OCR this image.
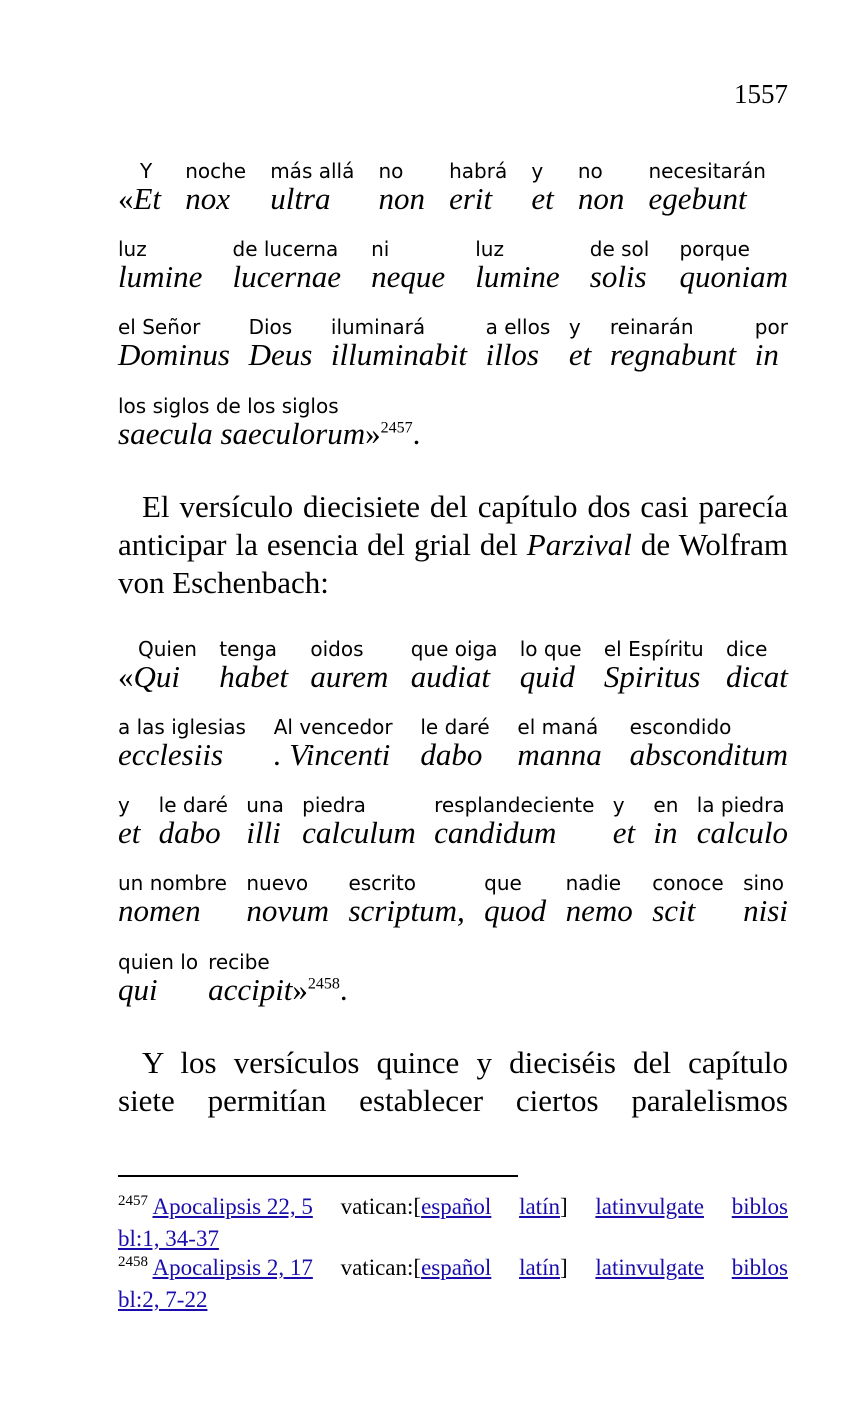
1557
Y
«Et
noche
nox
más allá
ultra
no
non
habrá
erit
y
et
no
non
necesitarán
egebunt
luz
lumine
de lucerna
lucernae
ni
neque
luz
lumine
de sol
solis
porque
quoniam
el Señor
Dominus
Dios
Deus
iluminará
illuminabit
a ellos
illos
y
et
reinarán
regnabunt
por
in
los siglos de los siglos
saecula saeculorum»$^{2457}$.

El versículo diecisiete del capítulo dos casi parecía anticipar la esencia del grial del Parzival de Wolfram von Eschenbach:

Quien
«Qui
tenga
habet
oidos
aurem
que oiga
audiat
lo que
quid
el Espíritu
Spiritus
dice
dicat
a las iglesias
ecclesiis
Al vencedor
. Vincenti
le daré
dabo
el maná
manna
escondido
absconditum
y
et
le daré
dabo
una
illi
piedra
calculum
resplandeciente
candidum
y
et
en
in
la piedra
calculo
un nombre
nomen
nuevo
novum
escrito
scriptum,
que
quod
nadie
nemo
conoce
scit
sino
nisi
quien lo
qui
recibe
accipit»$^{2458}$.

Y los versículos quince y dieciséis del capítulo

siete permitían establecer ciertos paralelismos

$^{2457}$ Apocalipsis 22, 5 vatican:[español latín] latinvulgate biblos
bl:1, 34-37
$^{2458}$ Apocalipsis 2, 17 vatican:[español latín] latinvulgate biblos
bl:2, 7-22
